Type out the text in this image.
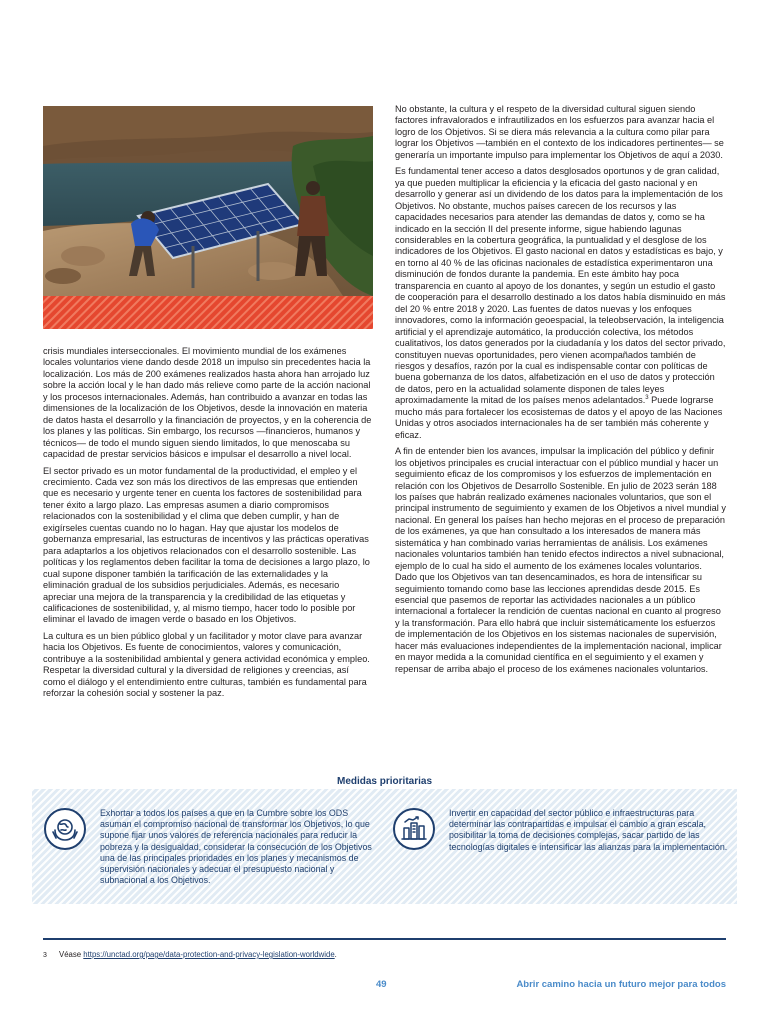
crisis mundiales interseccionales. El movimiento mundial de los exámenes locales voluntarios viene dando desde 2018 un impulso sin precedentes hacia la localización. Los más de 200 exámenes realizados hasta ahora han arrojado luz sobre la acción local y le han dado más relieve como parte de la acción nacional y los procesos internacionales. Además, han contribuido a avanzar en todas las dimensiones de la localización de los Objetivos, desde la innovación en materia de datos hasta el desarrollo y la financiación de proyectos, y en la coherencia de los planes y las políticas. Sin embargo, los recursos —financieros, humanos y técnicos— de todo el mundo siguen siendo limitados, lo que menoscaba su capacidad de prestar servicios básicos e impulsar el desarrollo a nivel local.

El sector privado es un motor fundamental de la productividad, el empleo y el crecimiento. Cada vez son más los directivos de las empresas que entienden que es necesario y urgente tener en cuenta los factores de sostenibilidad para tener éxito a largo plazo. Las empresas asumen a diario compromisos relacionados con la sostenibilidad y el clima que deben cumplir, y han de exigírseles cuentas cuando no lo hagan. Hay que ajustar los modelos de gobernanza empresarial, las estructuras de incentivos y las prácticas operativas para adaptarlos a los objetivos relacionados con el desarrollo sostenible. Las políticas y los reglamentos deben facilitar la toma de decisiones a largo plazo, lo cual supone disponer también la tarificación de las externalidades y la eliminación gradual de los subsidios perjudiciales. Además, es necesario apreciar una mejora de la transparencia y la credibilidad de las etiquetas y calificaciones de sostenibilidad, y, al mismo tiempo, hacer todo lo posible por eliminar el lavado de imagen verde o basado en los Objetivos.

La cultura es un bien público global y un facilitador y motor clave para avanzar hacia los Objetivos. Es fuente de conocimientos, valores y comunicación, contribuye a la sostenibilidad ambiental y genera actividad económica y empleo. Respetar la diversidad cultural y la diversidad de religiones y creencias, así como el diálogo y el entendimiento entre culturas, también es fundamental para reforzar la cohesión social y sostener la paz.

No obstante, la cultura y el respeto de la diversidad cultural siguen siendo factores infravalorados e infrautilizados en los esfuerzos para avanzar hacia el logro de los Objetivos. Si se diera más relevancia a la cultura como pilar para lograr los Objetivos —también en el contexto de los indicadores pertinentes— se generaría un importante impulso para implementar los Objetivos de aquí a 2030.

Es fundamental tener acceso a datos desglosados oportunos y de gran calidad, ya que pueden multiplicar la eficiencia y la eficacia del gasto nacional y en desarrollo y generar así un dividendo de los datos para la implementación de los Objetivos. No obstante, muchos países carecen de los recursos y las capacidades necesarios para atender las demandas de datos y, como se ha indicado en la sección II del presente informe, sigue habiendo lagunas considerables en la cobertura geográfica, la puntualidad y el desglose de los indicadores de los Objetivos. El gasto nacional en datos y estadísticas es bajo, y en torno al 40 % de las oficinas nacionales de estadística experimentaron una disminución de fondos durante la pandemia. En este ámbito hay poca transparencia en cuanto al apoyo de los donantes, y según un estudio el gasto de cooperación para el desarrollo destinado a los datos había disminuido en más del 20 % entre 2018 y 2020. Las fuentes de datos nuevas y los enfoques innovadores, como la información geoespacial, la teleobservación, la inteligencia artificial y el aprendizaje automático, la producción colectiva, los métodos cualitativos, los datos generados por la ciudadanía y los datos del sector privado, constituyen nuevas oportunidades, pero vienen acompañados también de riesgos y desafíos, razón por la cual es indispensable contar con políticas de buena gobernanza de los datos, alfabetización en el uso de datos y protección de datos, pero en la actualidad solamente disponen de tales leyes aproximadamente la mitad de los países menos adelantados.$^3$ Puede lograrse mucho más para fortalecer los ecosistemas de datos y el apoyo de las Naciones Unidas y otros asociados internacionales ha de ser también más coherente y eficaz.

A fin de entender bien los avances, impulsar la implicación del público y definir los objetivos principales es crucial interactuar con el público mundial y hacer un seguimiento eficaz de los compromisos y los esfuerzos de implementación en relación con los Objetivos de Desarrollo Sostenible. En julio de 2023 serán 188 los países que habrán realizado exámenes nacionales voluntarios, que son el principal instrumento de seguimiento y examen de los Objetivos a nivel mundial y nacional. En general los países han hecho mejoras en el proceso de preparación de los exámenes, ya que han consultado a los interesados de manera más sistemática y han combinado varias herramientas de análisis. Los exámenes nacionales voluntarios también han tenido efectos indirectos a nivel subnacional, ejemplo de lo cual ha sido el aumento de los exámenes locales voluntarios. Dado que los Objetivos van tan desencaminados, es hora de intensificar su seguimiento tomando como base las lecciones aprendidas desde 2015. Es esencial que pasemos de reportar las actividades nacionales a un público internacional a fortalecer la rendición de cuentas nacional en cuanto al progreso y la transformación. Para ello habrá que incluir sistemáticamente los esfuerzos de implementación de los Objetivos en los sistemas nacionales de supervisión, hacer más evaluaciones independientes de la implementación nacional, implicar en mayor medida a la comunidad científica en el seguimiento y el examen y repensar de arriba abajo el proceso de los exámenes nacionales voluntarios.

Medidas prioritarias
Exhortar a todos los países a que en la Cumbre sobre los ODS asuman el compromiso nacional de transformar los Objetivos, lo que supone fijar unos valores de referencia nacionales para reducir la pobreza y la desigualdad, considerar la consecución de los Objetivos una de las principales prioridades en los planes y mecanismos de supervisión nacionales y adecuar el presupuesto nacional y subnacional a los Objetivos.
Invertir en capacidad del sector público e infraestructuras para determinar las contrapartidas e impulsar el cambio a gran escala, posibilitar la toma de decisiones complejas, sacar partido de las tecnologías digitales e intensificar las alianzas para la implementación.
3 Véase https://unctad.org/page/data-protection-and-privacy-legislation-worldwide.
49	Abrir camino hacia un futuro mejor para todos
